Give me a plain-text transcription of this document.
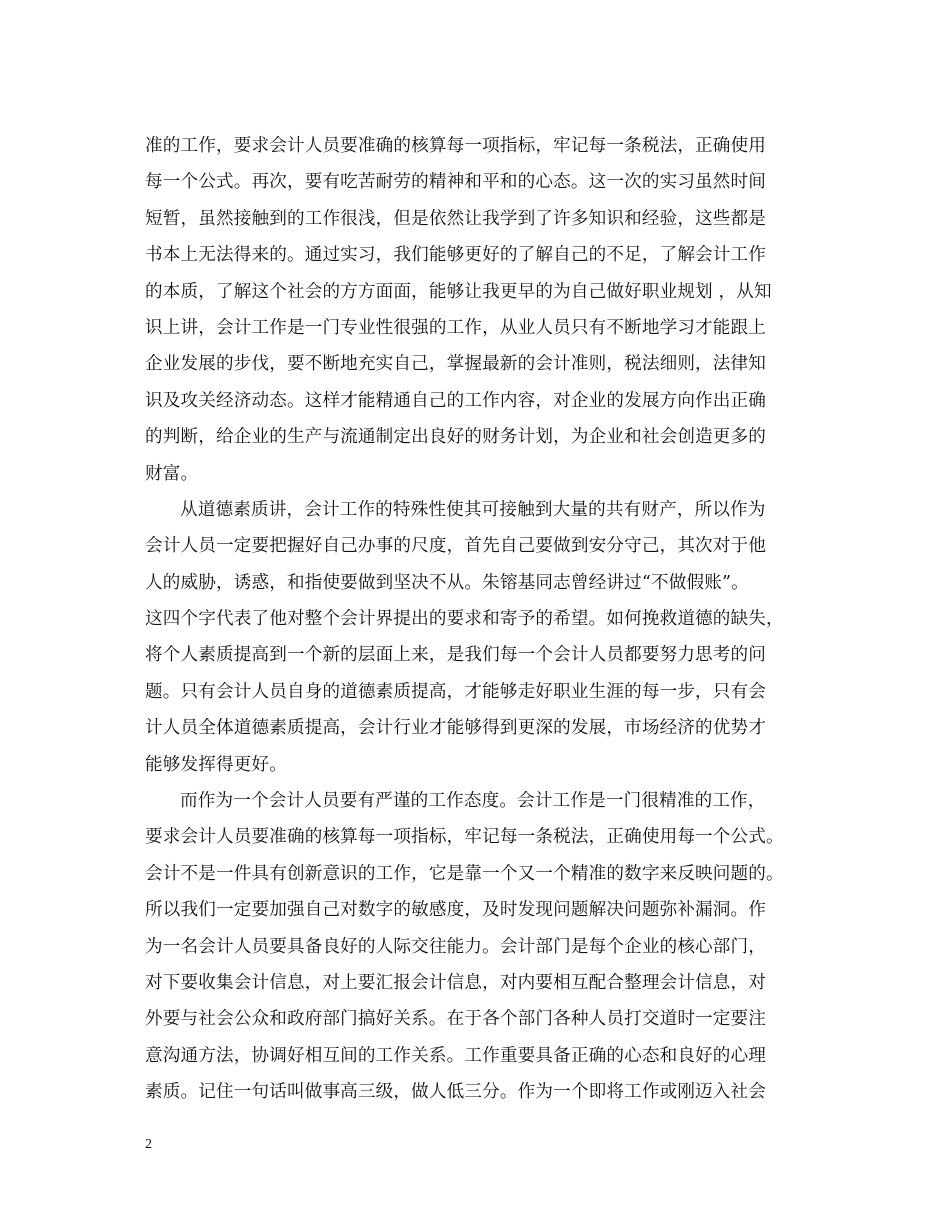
准的工作，要求会计人员要准确的核算每一项指标，牢记每一条税法，正确使用
每一个公式。再次，要有吃苦耐劳的精神和平和的心态。这一次的实习虽然时间
短暂，虽然接触到的工作很浅，但是依然让我学到了许多知识和经验，这些都是
书本上无法得来的。通过实习，我们能够更好的了解自己的不足，了解会计工作
的本质，了解这个社会的方方面面，能够让我更早的为自己做好职业规划 ，从知
识上讲，会计工作是一门专业性很强的工作，从业人员只有不断地学习才能跟上
企业发展的步伐，要不断地充实自己，掌握最新的会计准则，税法细则，法律知
识及攻关经济动态。这样才能精通自己的工作内容，对企业的发展方向作出正确
的判断，给企业的生产与流通制定出良好的财务计划，为企业和社会创造更多的
财富。
从道德素质讲，会计工作的特殊性使其可接触到大量的共有财产，所以作为
会计人员一定要把握好自己办事的尺度，首先自己要做到安分守己，其次对于他
人的威胁，诱惑，和指使要做到坚决不从。朱镕基同志曾经讲过“不做假账”。
这四个字代表了他对整个会计界提出的要求和寄予的希望。如何挽救道德的缺失，
将个人素质提高到一个新的层面上来，是我们每一个会计人员都要努力思考的问
题。只有会计人员自身的道德素质提高，才能够走好职业生涯的每一步，只有会
计人员全体道德素质提高，会计行业才能够得到更深的发展，市场经济的优势才
能够发挥得更好。
而作为一个会计人员要有严谨的工作态度。会计工作是一门很精准的工作，
要求会计人员要准确的核算每一项指标，牢记每一条税法，正确使用每一个公式。
会计不是一件具有创新意识的工作，它是靠一个又一个精准的数字来反映问题的。
所以我们一定要加强自己对数字的敏感度，及时发现问题解决问题弥补漏洞。作
为一名会计人员要具备良好的人际交往能力。会计部门是每个企业的核心部门，
对下要收集会计信息，对上要汇报会计信息，对内要相互配合整理会计信息，对
外要与社会公众和政府部门搞好关系。在于各个部门各种人员打交道时一定要注
意沟通方法，协调好相互间的工作关系。工作重要具备正确的心态和良好的心理
素质。记住一句话叫做事高三级，做人低三分。作为一个即将工作或刚迈入社会
2
